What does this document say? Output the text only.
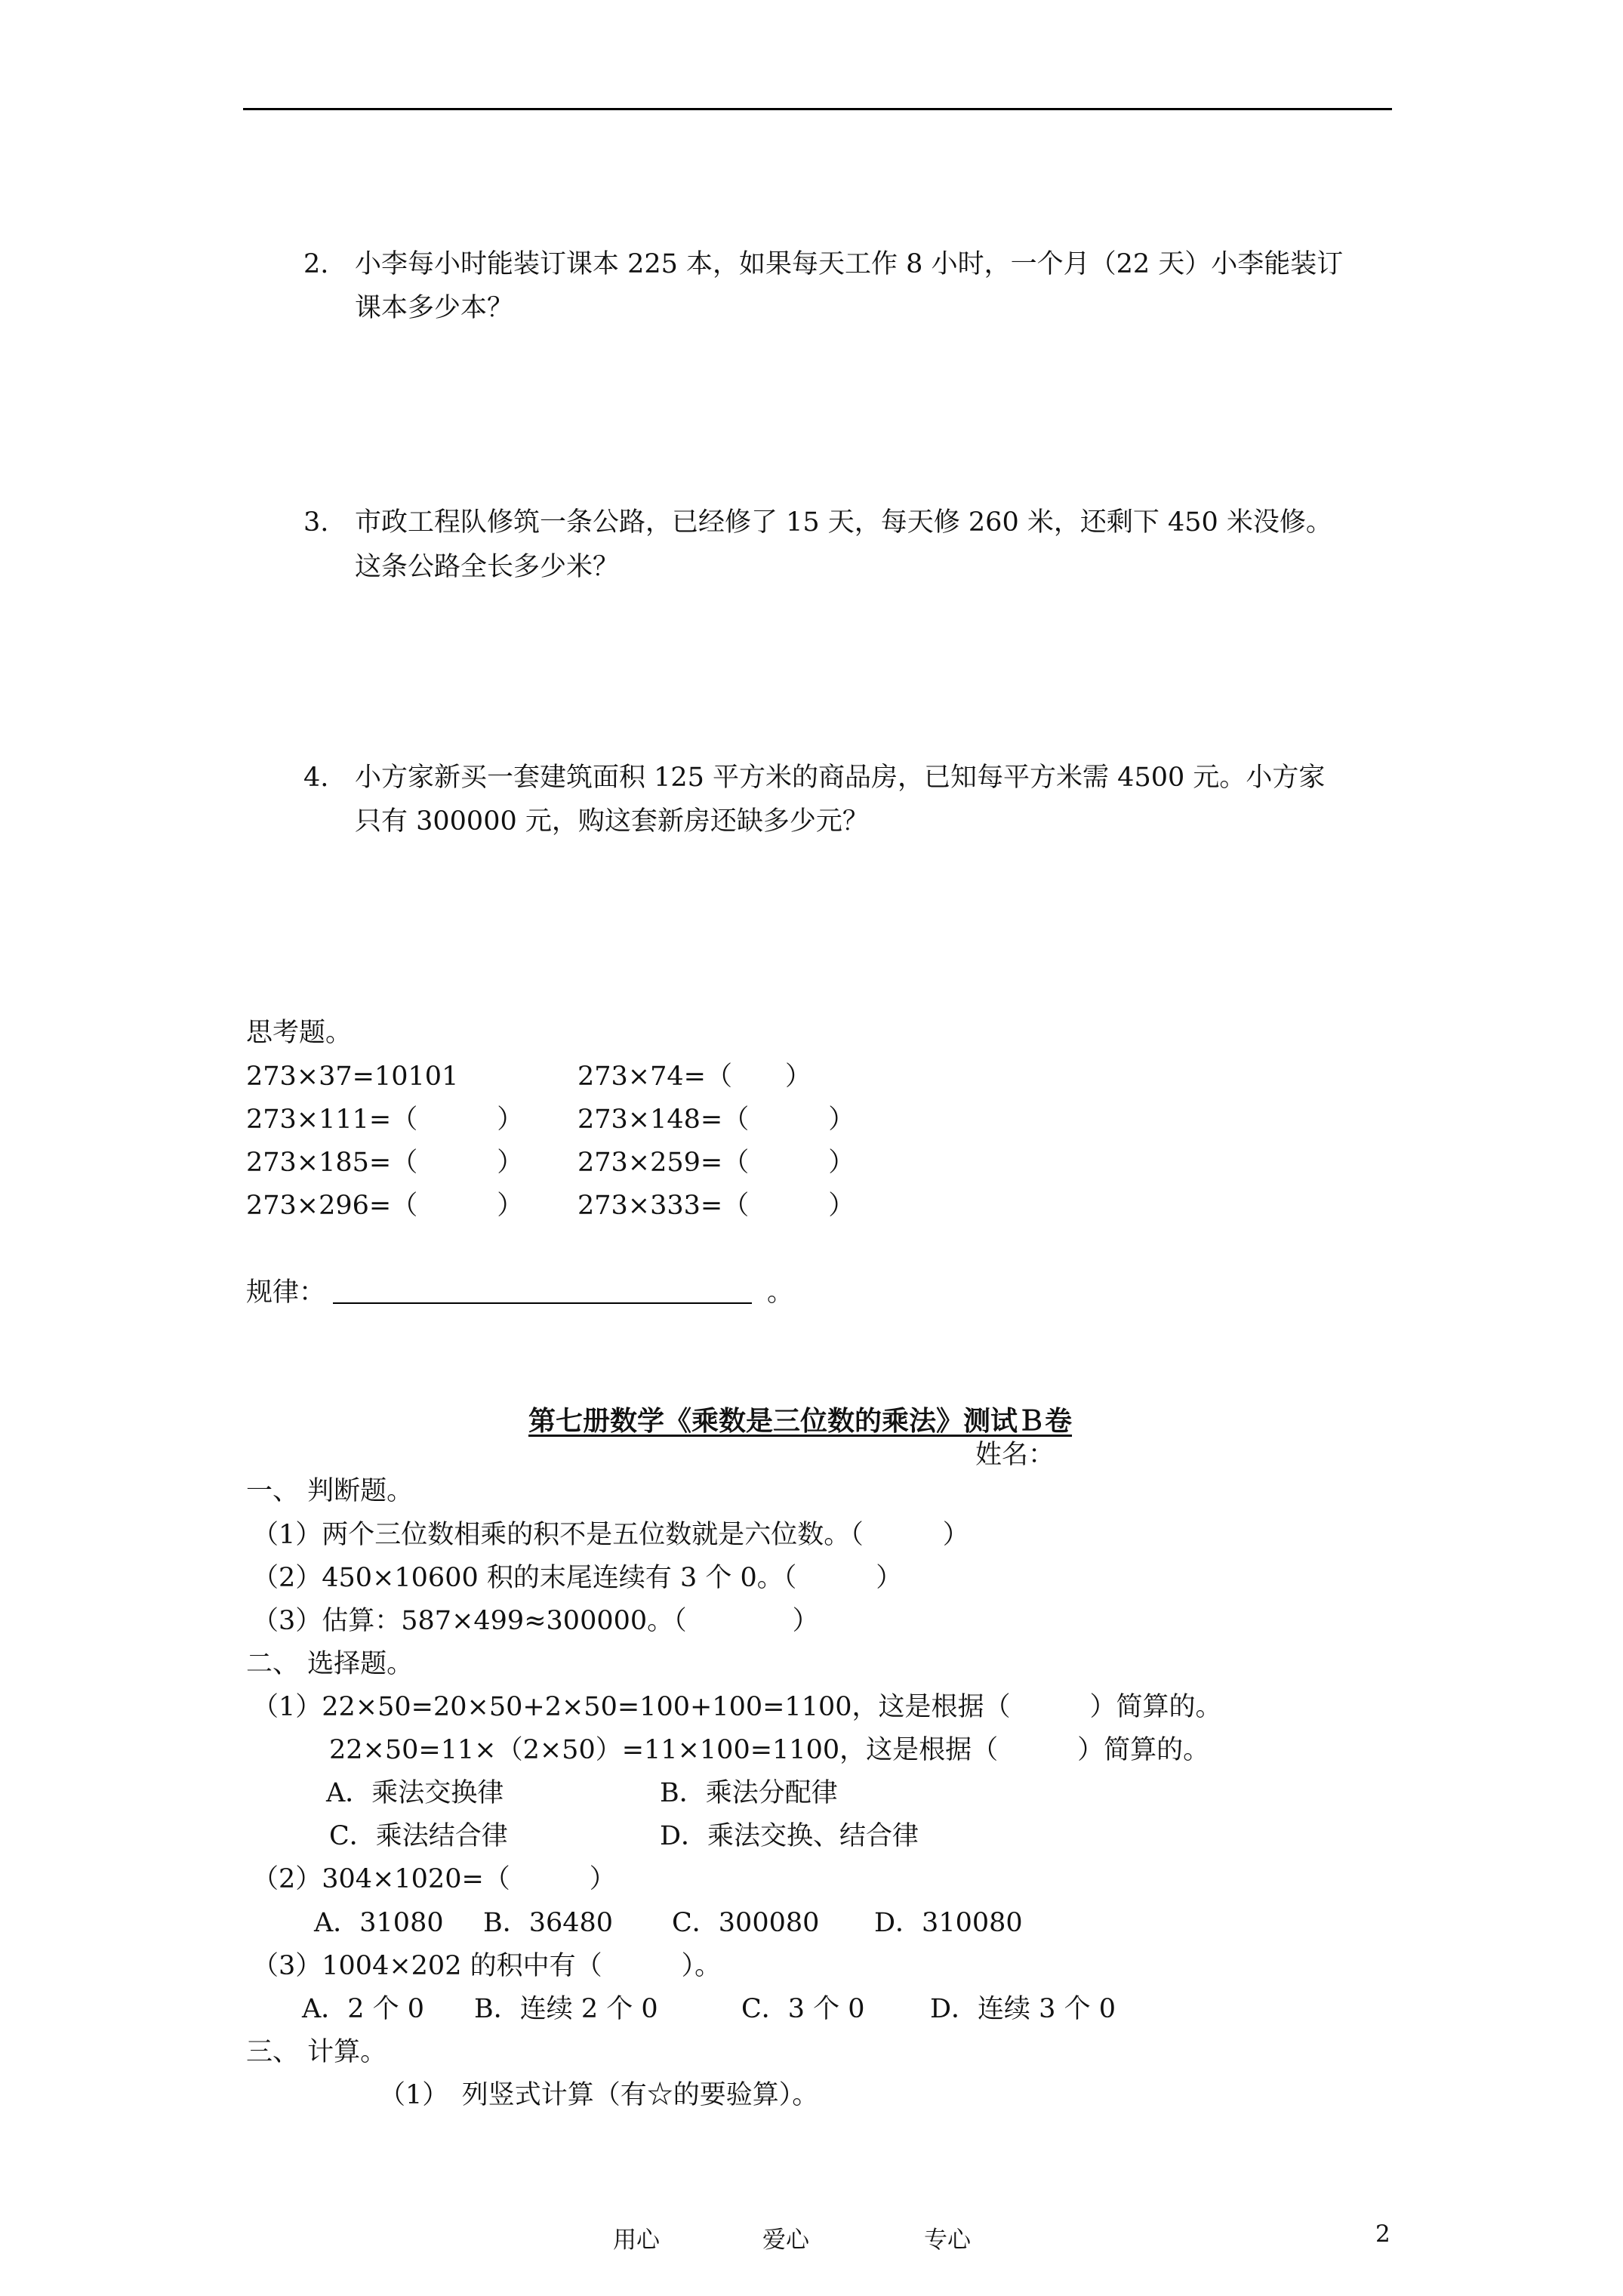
2. 小李每小时能装订课本 225 本，如果每天工作 8 小时，一个月（22 天）小李能装订
课本多少本？
3. 市政工程队修筑一条公路，已经修了 15 天，每天修 260 米，还剩下 450 米没修。
这条公路全长多少米？
4. 小方家新买一套建筑面积 125 平方米的商品房，已知每平方米需 4500 元。小方家
只有 300000 元，购这套新房还缺多少元？
思考题。
273×37=10101	273×74=（　　）
273×111=（　　　） 273×148=（　　　）
273×185=（　　　） 273×259=（　　　）
273×296=（　　　） 273×333=（　　　）
规律：	。
第七册数学《乘数是三位数的乘法》测试Ｂ卷
姓名：
一、 判断题。
（1）两个三位数相乘的积不是五位数就是六位数。（　　　）
（2）450×10600 积的末尾连续有 3 个 0。（　　　）
（3）估算：587×499≈300000。（　　　　）
二、 选择题。
（1）22×50=20×50+2×50=100+100=1100，这是根据（　　　）简算的。
22×50=11×（2×50）=11×100=1100，这是根据（　　　）简算的。
A．乘法交换律	B．乘法分配律
C．乘法结合律	D．乘法交换、结合律
（2）304×1020=（　　　）
A．31080 B．36480 C．300080 D．310080
（3）1004×202 的积中有（　　　）。
A．2 个 0 B．连续 2 个 0	C．3 个 0 D．连续 3 个 0
三、 计算。
（1）　列竖式计算（有☆的要验算）。
用心	爱心	专心	2
